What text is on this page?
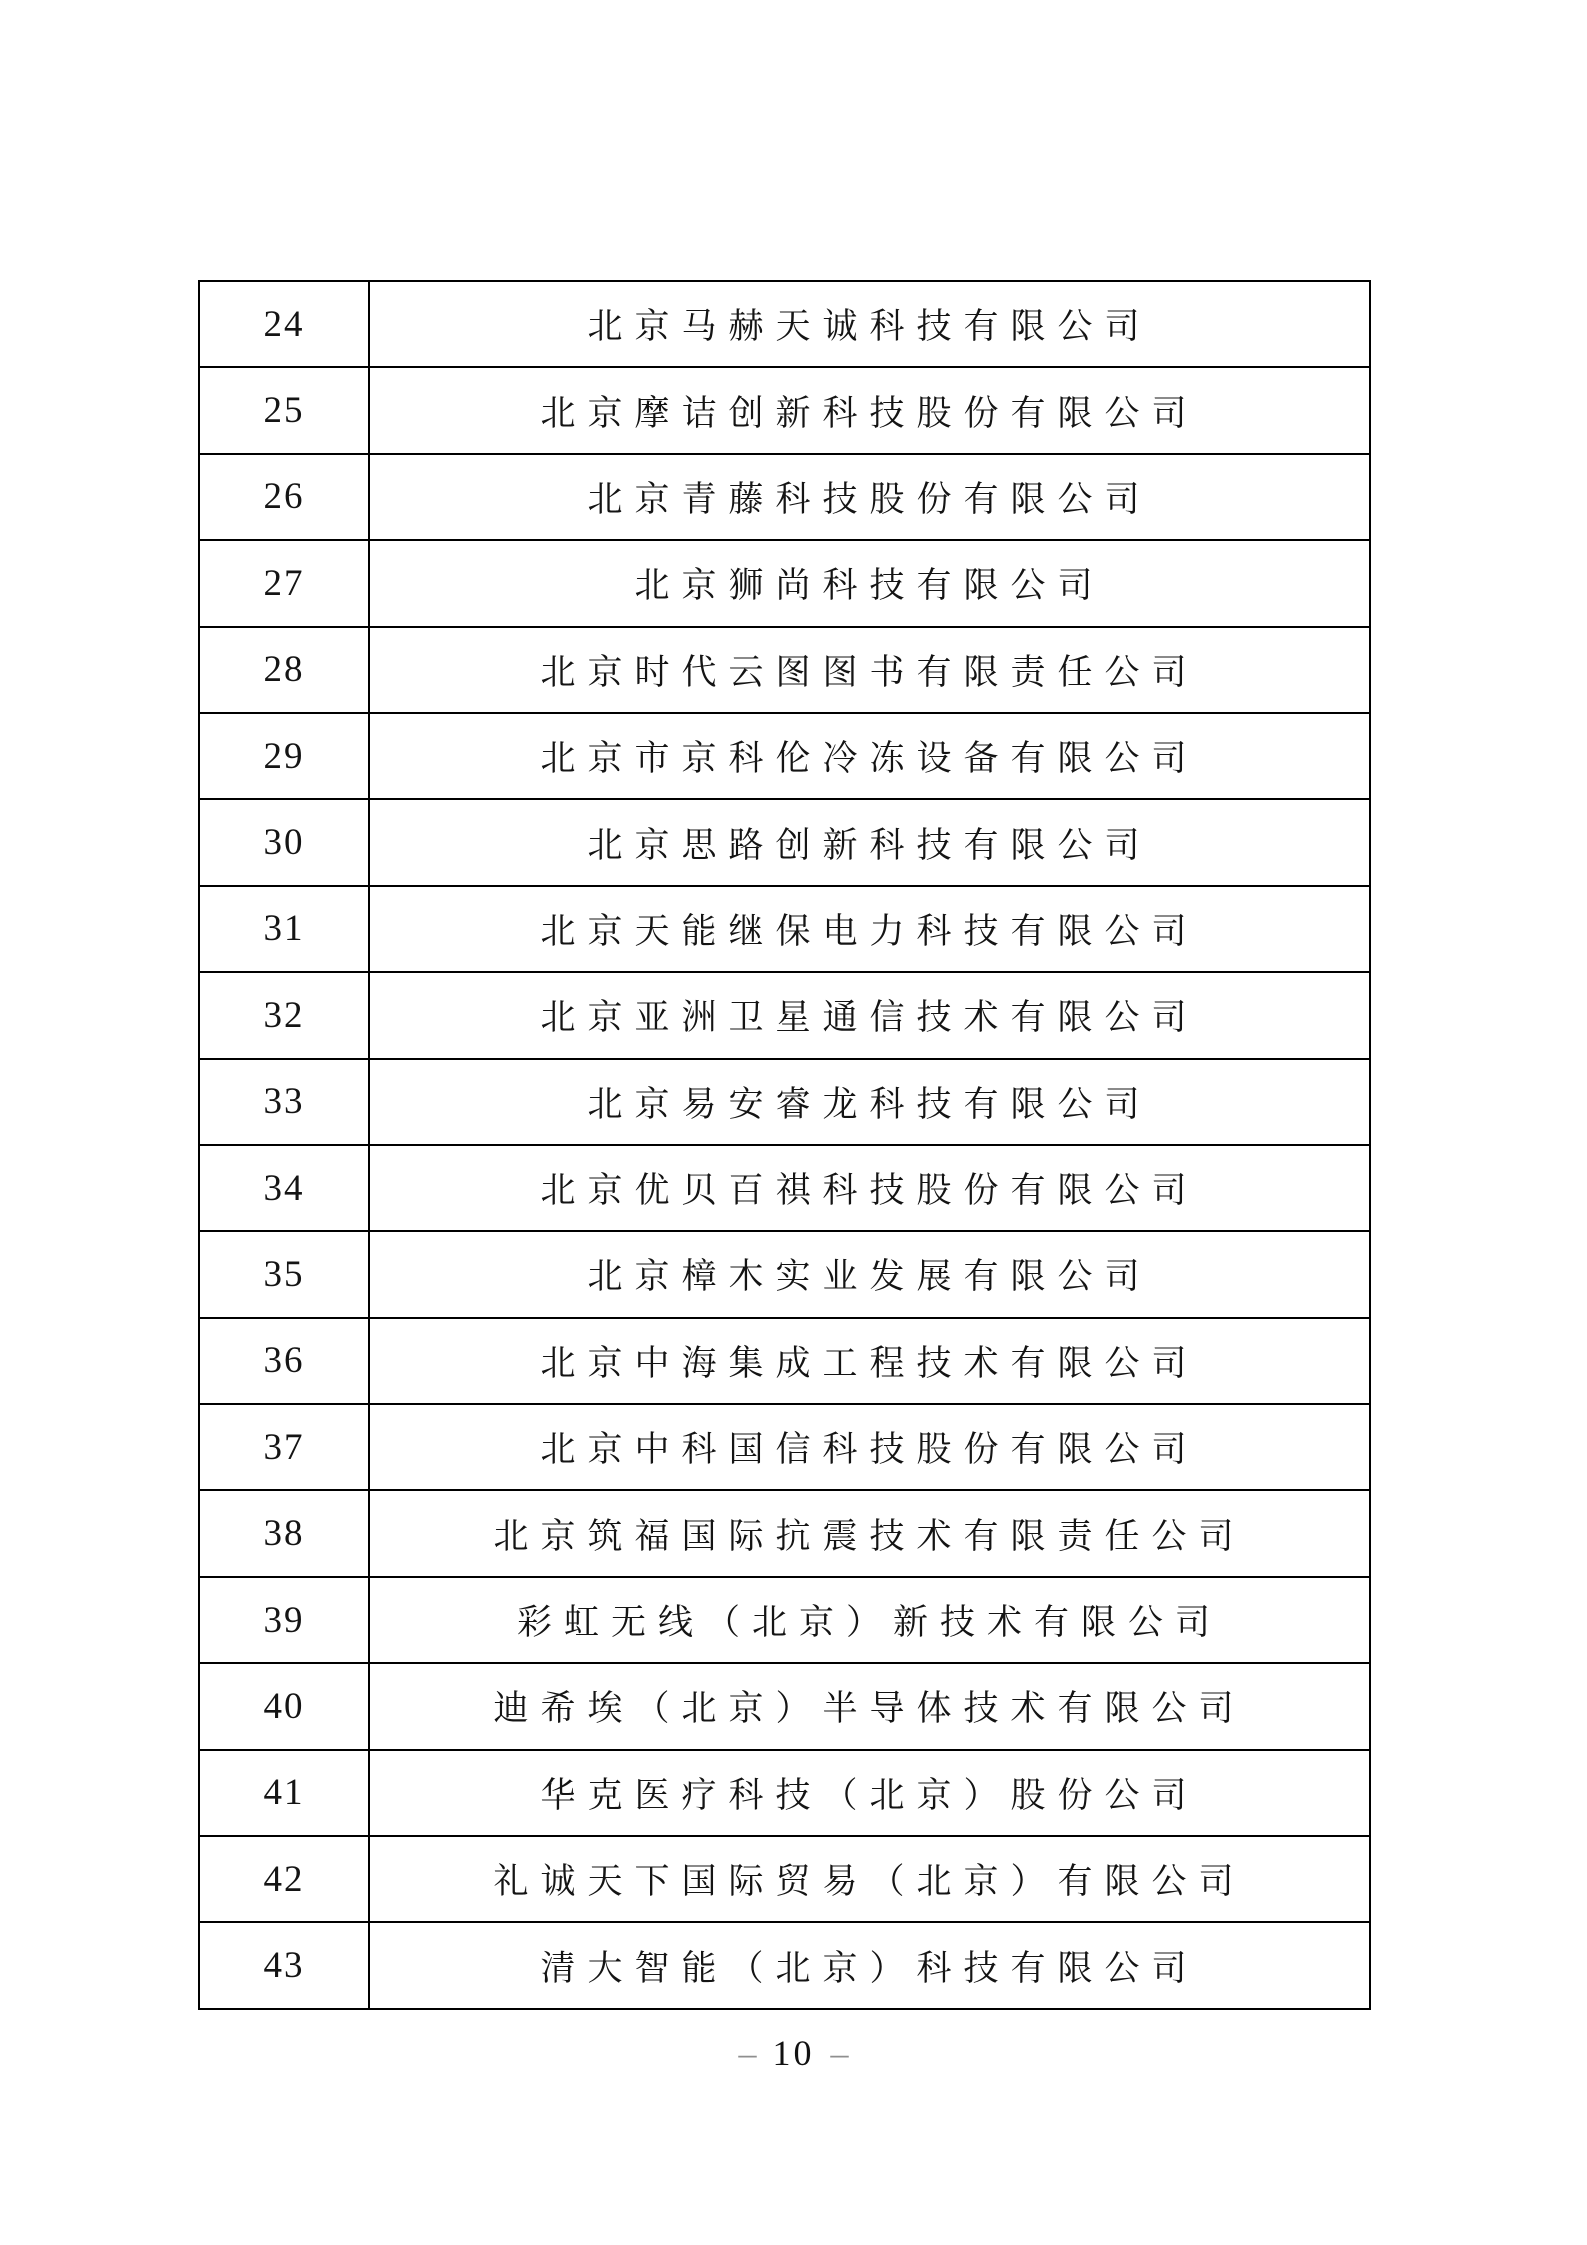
24	北京马赫天诚科技有限公司
25	北京摩诘创新科技股份有限公司
26	北京青藤科技股份有限公司
27	北京狮尚科技有限公司
28	北京时代云图图书有限责任公司
29	北京市京科伦冷冻设备有限公司
30	北京思路创新科技有限公司
31	北京天能继保电力科技有限公司
32	北京亚洲卫星通信技术有限公司
33	北京易安睿龙科技有限公司
34	北京优贝百祺科技股份有限公司
35	北京樟木实业发展有限公司
36	北京中海集成工程技术有限公司
37	北京中科国信科技股份有限公司
38	北京筑福国际抗震技术有限责任公司
39	彩虹无线（北京）新技术有限公司
40	迪希埃（北京）半导体技术有限公司
41	华克医疗科技（北京）股份公司
42	礼诚天下国际贸易（北京）有限公司
43	清大智能（北京）科技有限公司
– 10 –
